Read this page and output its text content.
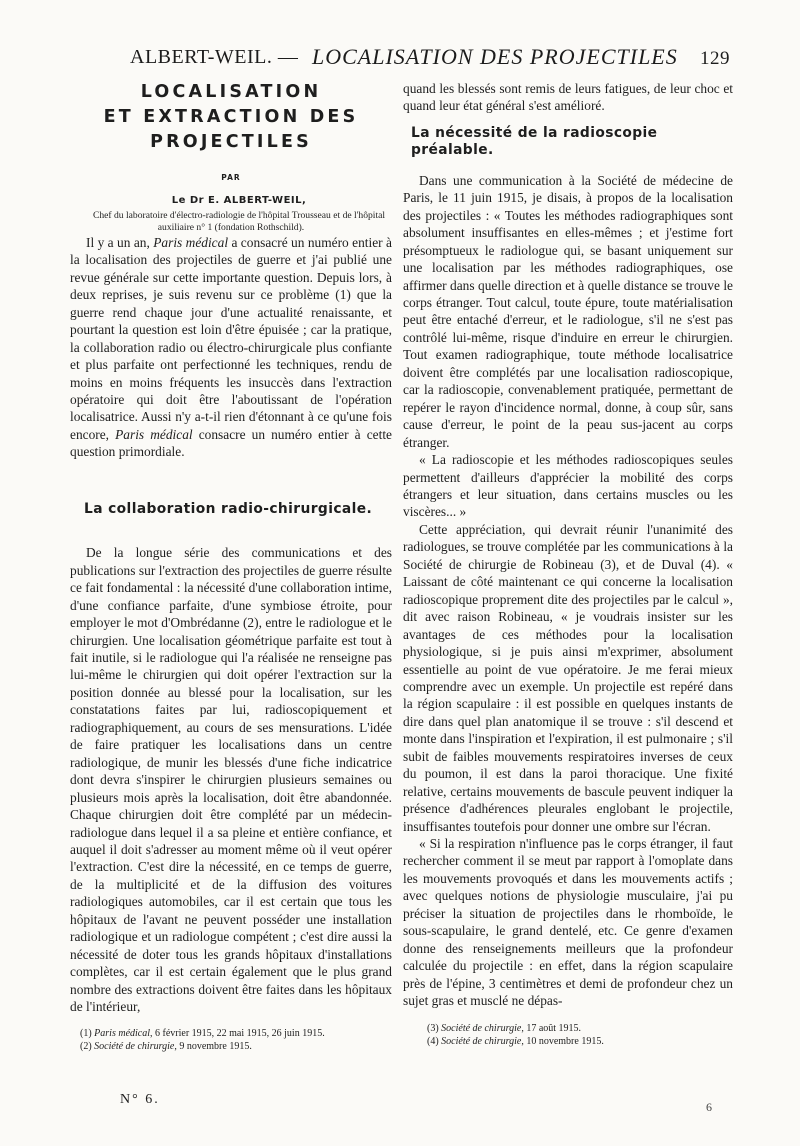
ALBERT-WEIL. — LOCALISATION DES PROJECTILES 129
LOCALISATION
ET EXTRACTION DES
PROJECTILES
PAR

Le Dr E. ALBERT-WEIL,

Chef du laboratoire d'électro-radiologie de l'hôpital Trousseau et de l'hôpital auxiliaire n° 1 (fondation Rothschild).

Il y a un an, Paris médical a consacré un numéro entier à la localisation des projectiles de guerre et j'ai publié une revue générale sur cette importante question. Depuis lors, à deux reprises, je suis revenu sur ce problème (1) que la guerre rend chaque jour d'une actualité renaissante, et pourtant la question est loin d'être épuisée ; car la pratique, la collaboration radio ou électro-chirurgicale plus confiante et plus parfaite ont perfectionné les techniques, rendu de moins en moins fréquents les insuccès dans l'extraction opératoire qui doit être l'aboutissant de l'opération localisatrice. Aussi n'y a-t-il rien d'étonnant à ce qu'une fois encore, Paris médical consacre un numéro entier à cette question primordiale.

La collaboration radio-chirurgicale.

De la longue série des communications et des publications sur l'extraction des projectiles de guerre résulte ce fait fondamental : la nécessité d'une collaboration intime, d'une confiance parfaite, d'une symbiose étroite, pour employer le mot d'Ombrédanne (2), entre le radiologue et le chirurgien. Une localisation géométrique parfaite est tout à fait inutile, si le radiologue qui l'a réalisée ne renseigne pas lui-même le chirurgien qui doit opérer l'extraction sur la position donnée au blessé pour la localisation, sur les constatations faites par lui, radioscopiquement et radiographiquement, au cours de ses mensurations. L'idée de faire pratiquer les localisations dans un centre radiologique, de munir les blessés d'une fiche indicatrice dont devra s'inspirer le chirurgien plusieurs semaines ou plusieurs mois après la localisation, doit être abandonnée. Chaque chirurgien doit être complété par un médecin-radiologue dans lequel il a sa pleine et entière confiance, et auquel il doit s'adresser au moment même où il veut opérer l'extraction. C'est dire la nécessité, en ce temps de guerre, de la multiplicité et de la diffusion des voitures radiologiques automobiles, car il est certain que tous les hôpitaux de l'avant ne peuvent posséder une installation radiologique et un radiologue compétent ; c'est dire aussi la nécessité de doter tous les grands hôpitaux d'installations complètes, car il est certain également que le plus grand nombre des extractions doivent être faites dans les hôpitaux de l'intérieur,

(1) Paris médical, 6 février 1915, 22 mai 1915, 26 juin 1915.

(2) Société de chirurgie, 9 novembre 1915.

N° 6.

quand les blessés sont remis de leurs fatigues, de leur choc et quand leur état général s'est amélioré.

La nécessité de la radioscopie préalable.

Dans une communication à la Société de médecine de Paris, le 11 juin 1915, je disais, à propos de la localisation des projectiles : « Toutes les méthodes radiographiques sont absolument insuffisantes en elles-mêmes ; et j'estime fort présomptueux le radiologue qui, se basant uniquement sur une localisation par les méthodes radiographiques, ose affirmer dans quelle direction et à quelle distance se trouve le corps étranger. Tout calcul, toute épure, toute matérialisation peut être entaché d'erreur, et le radiologue, s'il ne s'est pas contrôlé lui-même, risque d'induire en erreur le chirurgien. Tout examen radiographique, toute méthode localisatrice doivent être complétés par une localisation radioscopique, car la radioscopie, convenablement pratiquée, permettant de repérer le rayon d'incidence normal, donne, à coup sûr, sans cause d'erreur, le point de la peau sus-jacent au corps étranger.

« La radioscopie et les méthodes radioscopiques seules permettent d'ailleurs d'apprécier la mobilité des corps étrangers et leur situation, dans certains muscles ou les viscères... »

Cette appréciation, qui devrait réunir l'unanimité des radiologues, se trouve complétée par les communications à la Société de chirurgie de Robineau (3), et de Duval (4). « Laissant de côté maintenant ce qui concerne la localisation radioscopique proprement dite des projectiles par le calcul », dit avec raison Robineau, « je voudrais insister sur les avantages de ces méthodes pour la localisation physiologique, si je puis ainsi m'exprimer, absolument essentielle au point de vue opératoire. Je me ferai mieux comprendre avec un exemple. Un projectile est repéré dans la région scapulaire : il est possible en quelques instants de dire dans quel plan anatomique il se trouve : s'il descend et monte dans l'inspiration et l'expiration, il est pulmonaire ; s'il subit de faibles mouvements respiratoires inverses de ceux du poumon, il est dans la paroi thoracique. Une fixité relative, certains mouvements de bascule peuvent indiquer la présence d'adhérences pleurales englobant le projectile, insuffisantes toutefois pour donner une ombre sur l'écran.

« Si la respiration n'influence pas le corps étranger, il faut rechercher comment il se meut par rapport à l'omoplate dans les mouvements provoqués et dans les mouvements actifs ; avec quelques notions de physiologie musculaire, j'ai pu préciser la situation de projectiles dans le rhomboïde, le sous-scapulaire, le grand dentelé, etc. Ce genre d'examen donne des renseignements meilleurs que la profondeur calculée du projectile : en effet, dans la région scapulaire près de l'épine, 3 centimètres et demi de profondeur chez un sujet gras et musclé ne dépas-

(3) Société de chirurgie, 17 août 1915.

(4) Société de chirurgie, 10 novembre 1915.

6
